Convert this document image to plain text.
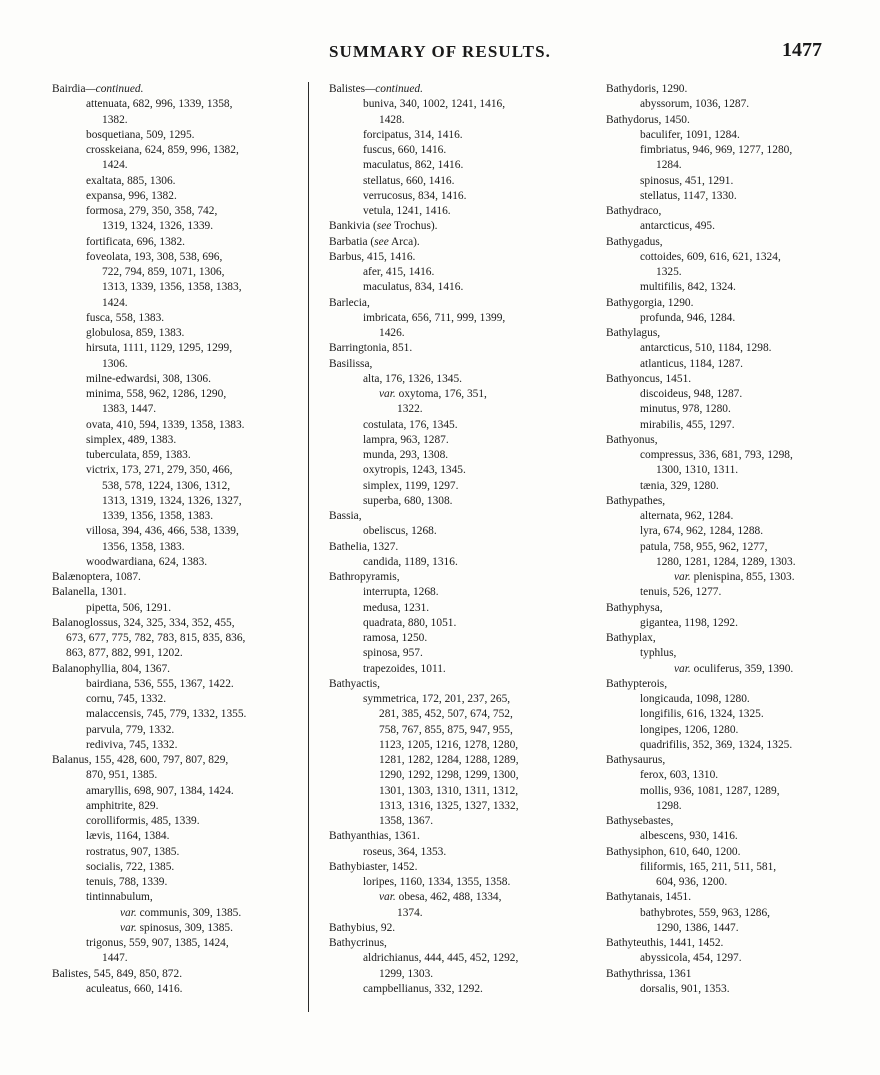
SUMMARY OF RESULTS.	1477
Bairdia—continued.
attenuata, 682, 996, 1339, 1358,
1382.
bosquetiana, 509, 1295.
crosskeiana, 624, 859, 996, 1382,
1424.
exaltata, 885, 1306.
expansa, 996, 1382.
formosa, 279, 350, 358, 742,
1319, 1324, 1326, 1339.
fortificata, 696, 1382.
foveolata, 193, 308, 538, 696,
722, 794, 859, 1071, 1306,
1313, 1339, 1356, 1358, 1383,
1424.
fusca, 558, 1383.
globulosa, 859, 1383.
hirsuta, 1111, 1129, 1295, 1299,
1306.
milne-edwardsi, 308, 1306.
minima, 558, 962, 1286, 1290,
1383, 1447.
ovata, 410, 594, 1339, 1358, 1383.
simplex, 489, 1383.
tuberculata, 859, 1383.
victrix, 173, 271, 279, 350, 466,
538, 578, 1224, 1306, 1312,
1313, 1319, 1324, 1326, 1327,
1339, 1356, 1358, 1383.
villosa, 394, 436, 466, 538, 1339,
1356, 1358, 1383.
woodwardiana, 624, 1383.
Balænoptera, 1087.
Balanella, 1301.
pipetta, 506, 1291.
Balanoglossus, 324, 325, 334, 352, 455,
673, 677, 775, 782, 783, 815, 835, 836,
863, 877, 882, 991, 1202.
Balanophyllia, 804, 1367.
bairdiana, 536, 555, 1367, 1422.
cornu, 745, 1332.
malaccensis, 745, 779, 1332, 1355.
parvula, 779, 1332.
rediviva, 745, 1332.
Balanus, 155, 428, 600, 797, 807, 829,
870, 951, 1385.
amaryllis, 698, 907, 1384, 1424.
amphitrite, 829.
corolliformis, 485, 1339.
lævis, 1164, 1384.
rostratus, 907, 1385.
socialis, 722, 1385.
tenuis, 788, 1339.
tintinnabulum,
var. communis, 309, 1385.
var. spinosus, 309, 1385.
trigonus, 559, 907, 1385, 1424,
1447.
Balistes, 545, 849, 850, 872.
aculeatus, 660, 1416.
Balistes—continued.
buniva, 340, 1002, 1241, 1416,
1428.
forcipatus, 314, 1416.
fuscus, 660, 1416.
maculatus, 862, 1416.
stellatus, 660, 1416.
verrucosus, 834, 1416.
vetula, 1241, 1416.
Bankivia (see Trochus).
Barbatia (see Arca).
Barbus, 415, 1416.
afer, 415, 1416.
maculatus, 834, 1416.
Barlecia,
imbricata, 656, 711, 999, 1399,
1426.
Barringtonia, 851.
Basilissa,
alta, 176, 1326, 1345.
var. oxytoma, 176, 351,
1322.
costulata, 176, 1345.
lampra, 963, 1287.
munda, 293, 1308.
oxytropis, 1243, 1345.
simplex, 1199, 1297.
superba, 680, 1308.
Bassia,
obeliscus, 1268.
Bathelia, 1327.
candida, 1189, 1316.
Bathropyramis,
interrupta, 1268.
medusa, 1231.
quadrata, 880, 1051.
ramosa, 1250.
spinosa, 957.
trapezoides, 1011.
Bathyactis,
symmetrica, 172, 201, 237, 265,
281, 385, 452, 507, 674, 752,
758, 767, 855, 875, 947, 955,
1123, 1205, 1216, 1278, 1280,
1281, 1282, 1284, 1288, 1289,
1290, 1292, 1298, 1299, 1300,
1301, 1303, 1310, 1311, 1312,
1313, 1316, 1325, 1327, 1332,
1358, 1367.
Bathyanthias, 1361.
roseus, 364, 1353.
Bathybiaster, 1452.
loripes, 1160, 1334, 1355, 1358.
var. obesa, 462, 488, 1334,
1374.
Bathybius, 92.
Bathycrinus,
aldrichianus, 444, 445, 452, 1292,
1299, 1303.
campbellianus, 332, 1292.
Bathydoris, 1290.
abyssorum, 1036, 1287.
Bathydorus, 1450.
baculifer, 1091, 1284.
fimbriatus, 946, 969, 1277, 1280,
1284.
spinosus, 451, 1291.
stellatus, 1147, 1330.
Bathydraco,
antarcticus, 495.
Bathygadus,
cottoides, 609, 616, 621, 1324,
1325.
multifilis, 842, 1324.
Bathygorgia, 1290.
profunda, 946, 1284.
Bathylagus,
antarcticus, 510, 1184, 1298.
atlanticus, 1184, 1287.
Bathyoncus, 1451.
discoideus, 948, 1287.
minutus, 978, 1280.
mirabilis, 455, 1297.
Bathyonus,
compressus, 336, 681, 793, 1298,
1300, 1310, 1311.
tænia, 329, 1280.
Bathypathes,
alternata, 962, 1284.
lyra, 674, 962, 1284, 1288.
patula, 758, 955, 962, 1277,
1280, 1281, 1284, 1289, 1303.
var. plenispina, 855, 1303.
tenuis, 526, 1277.
Bathyphysa,
gigantea, 1198, 1292.
Bathyplax,
typhlus,
var. oculiferus, 359, 1390.
Bathypterois,
longicauda, 1098, 1280.
longifilis, 616, 1324, 1325.
longipes, 1206, 1280.
quadrifilis, 352, 369, 1324, 1325.
Bathysaurus,
ferox, 603, 1310.
mollis, 936, 1081, 1287, 1289,
1298.
Bathysebastes,
albescens, 930, 1416.
Bathysiphon, 610, 640, 1200.
filiformis, 165, 211, 511, 581,
604, 936, 1200.
Bathytanais, 1451.
bathybrotes, 559, 963, 1286,
1290, 1386, 1447.
Bathyteuthis, 1441, 1452.
abyssicola, 454, 1297.
Bathythrissa, 1361
dorsalis, 901, 1353.
